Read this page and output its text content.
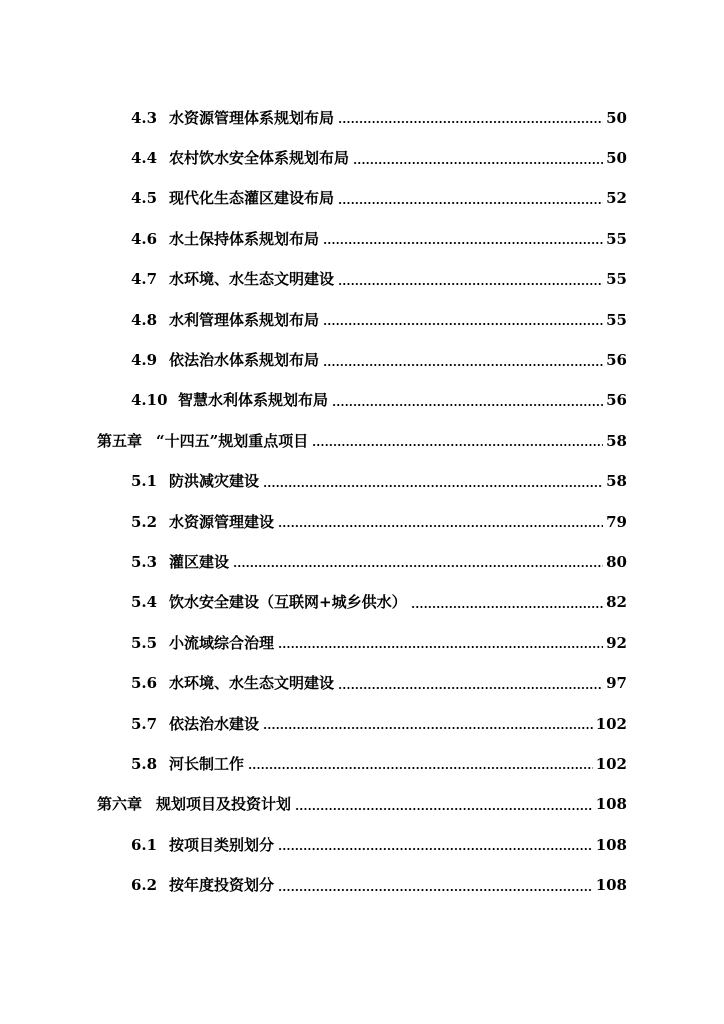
4.3 水资源管理体系规划布局	50
4.4 农村饮水安全体系规划布局	50
4.5 现代化生态灌区建设布局	52
4.6 水土保持体系规划布局	55
4.7 水环境、水生态文明建设	55
4.8 水利管理体系规划布局	55
4.9 依法治水体系规划布局	56
4.10 智慧水利体系规划布局	56
第五章 “十四五”规划重点项目	58
5.1 防洪减灾建设	58
5.2 水资源管理建设	79
5.3 灌区建设	80
5.4 饮水安全建设（互联网+城乡供水）	82
5.5 小流域综合治理	92
5.6 水环境、水生态文明建设	97
5.7 依法治水建设	102
5.8 河长制工作	102
第六章 规划项目及投资计划	108
6.1 按项目类别划分	108
6.2 按年度投资划分	108
